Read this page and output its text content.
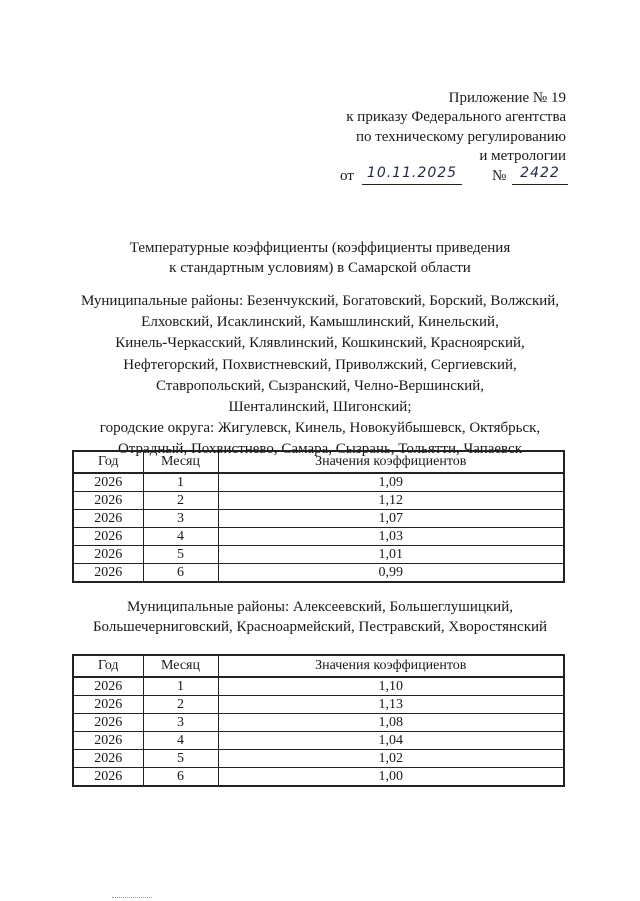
Приложение № 19
к приказу Федерального агентства
по техническому регулированию
и метрологии
от 10.11.2025	№ 2422
Температурные коэффициенты (коэффициенты приведения
к стандартным условиям) в Самарской области
Муниципальные районы: Безенчукский, Богатовский, Борский, Волжский,
Елховский, Исаклинский, Камышлинский, Кинельский,
Кинель-Черкасский, Клявлинский, Кошкинский, Красноярский,
Нефтегорский, Похвистневский, Приволжский, Сергиевский,
Ставропольский, Сызранский, Челно-Вершинский,
Шенталинский, Шигонский;
городские округа: Жигулевск, Кинель, Новокуйбышевск, Октябрьск,
Отрадный, Похвистнево, Самара, Сызрань, Тольятти, Чапаевск
Год	Месяц	Значения коэффициентов
2026	1	1,09
2026	2	1,12
2026	3	1,07
2026	4	1,03
2026	5	1,01
2026	6	0,99
Муниципальные районы: Алексеевский, Большеглушицкий,
Большечерниговский, Красноармейский, Пестравский, Хворостянский
Год	Месяц	Значения коэффициентов
2026	1	1,10
2026	2	1,13
2026	3	1,08
2026	4	1,04
2026	5	1,02
2026	6	1,00
